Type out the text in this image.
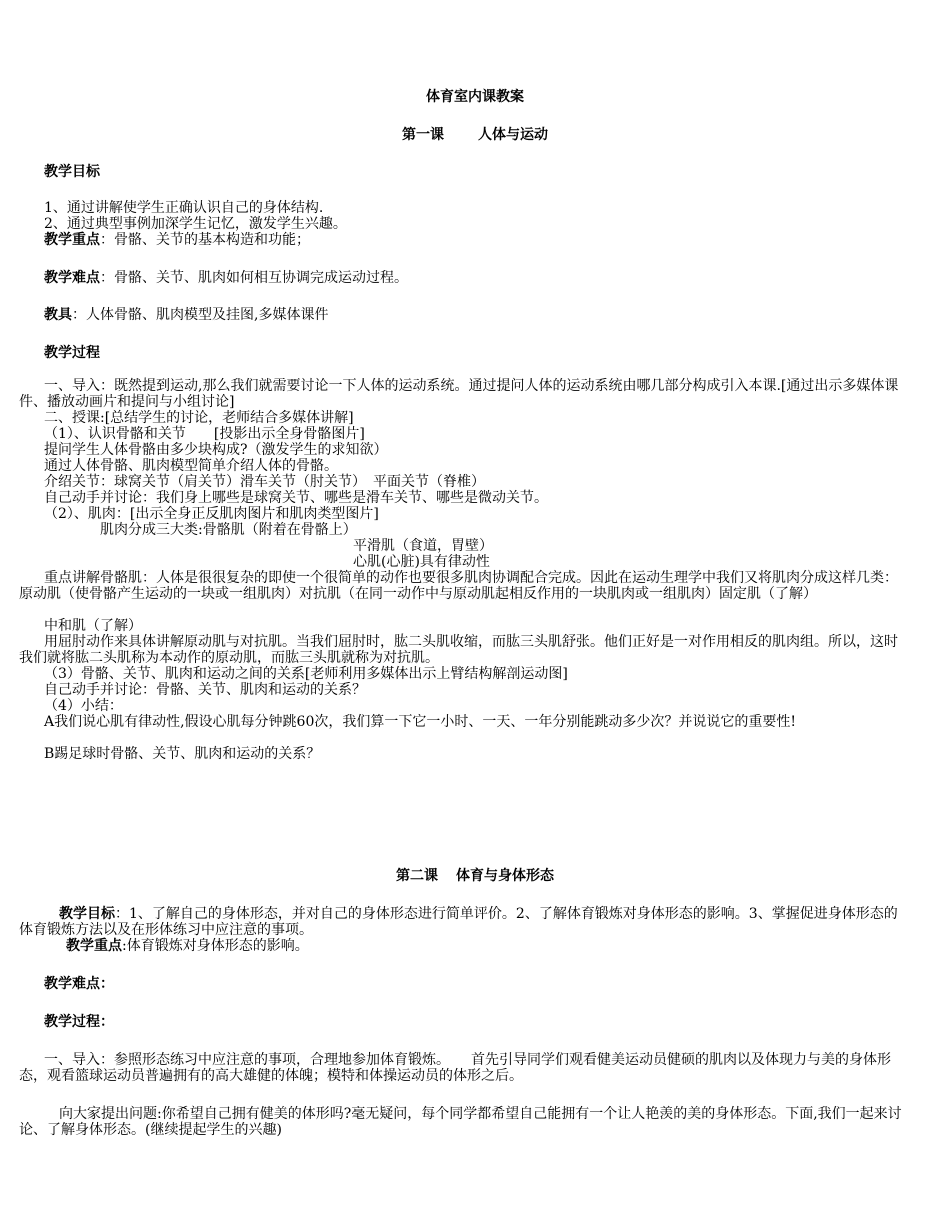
体育室内课教案
第一课 人体与运动
教学目标
1、通过讲解使学生正确认识自己的身体结构.
2、通过典型事例加深学生记忆，激发学生兴趣。
教学重点：骨骼、关节的基本构造和功能；
教学难点：骨骼、关节、肌肉如何相互协调完成运动过程。
教具：人体骨骼、肌肉模型及挂图,多媒体课件
教学过程
一、导入：既然提到运动,那么我们就需要讨论一下人体的运动系统。通过提问人体的运动系统由哪几部分构成引入本课.[通过出示多媒体课件、播放动画片和提问与小组讨论]
二、授课:[总结学生的讨论，老师结合多媒体讲解]
（1）、认识骨骼和关节　　[投影出示全身骨骼图片]
提问学生人体骨骼由多少块构成?（激发学生的求知欲）
通过人体骨骼、肌肉模型简单介绍人体的骨骼。
介绍关节：球窝关节（肩关节）滑车关节（肘关节）　平面关节（脊椎）
自己动手并讨论：我们身上哪些是球窝关节、哪些是滑车关节、哪些是微动关节。
（2）、肌肉：[出示全身正反肌肉图片和肌肉类型图片]
肌肉分成三大类:骨骼肌（附着在骨骼上）
平滑肌（食道，胃壁）
心肌(心脏)具有律动性
重点讲解骨骼肌：人体是很很复杂的即使一个很简单的动作也要很多肌肉协调配合完成。因此在运动生理学中我们又将肌肉分成这样几类：原动肌（使骨骼产生运动的一块或一组肌肉）对抗肌（在同一动作中与原动肌起相反作用的一块肌肉或一组肌肉）固定肌（了解）
中和肌（了解）
用屈肘动作来具体讲解原动肌与对抗肌。当我们屈肘时，肱二头肌收缩，而肱三头肌舒张。他们正好是一对作用相反的肌肉组。所以，这时我们就将肱二头肌称为本动作的原动肌，而肱三头肌就称为对抗肌。
（3）骨骼、关节、肌肉和运动之间的关系[老师利用多媒体出示上臂结构解剖运动图]
自己动手并讨论：骨骼、关节、肌肉和运动的关系？
（4）小结：
A我们说心肌有律动性,假设心肌每分钟跳60次，我们算一下它一小时、一天、一年分别能跳动多少次？并说说它的重要性!
B踢足球时骨骼、关节、肌肉和运动的关系？
第二课 体育与身体形态
教学目标：1、了解自己的身体形态，并对自己的身体形态进行简单评价。2、了解体育锻炼对身体形态的影响。3、掌握促进身体形态的体育锻炼方法以及在形体练习中应注意的事项。
教学重点:体育锻炼对身体形态的影响。
教学难点：
教学过程：
一、导入：参照形态练习中应注意的事项，合理地参加体育锻炼。　　首先引导同学们观看健美运动员健硕的肌肉以及体现力与美的身体形态，观看篮球运动员普遍拥有的高大雄健的体魄；模特和体操运动员的体形之后。
向大家提出问题:你希望自己拥有健美的体形吗?毫无疑问，每个同学都希望自己能拥有一个让人艳羡的美的身体形态。下面,我们一起来讨论、了解身体形态。(继续提起学生的兴趣)
